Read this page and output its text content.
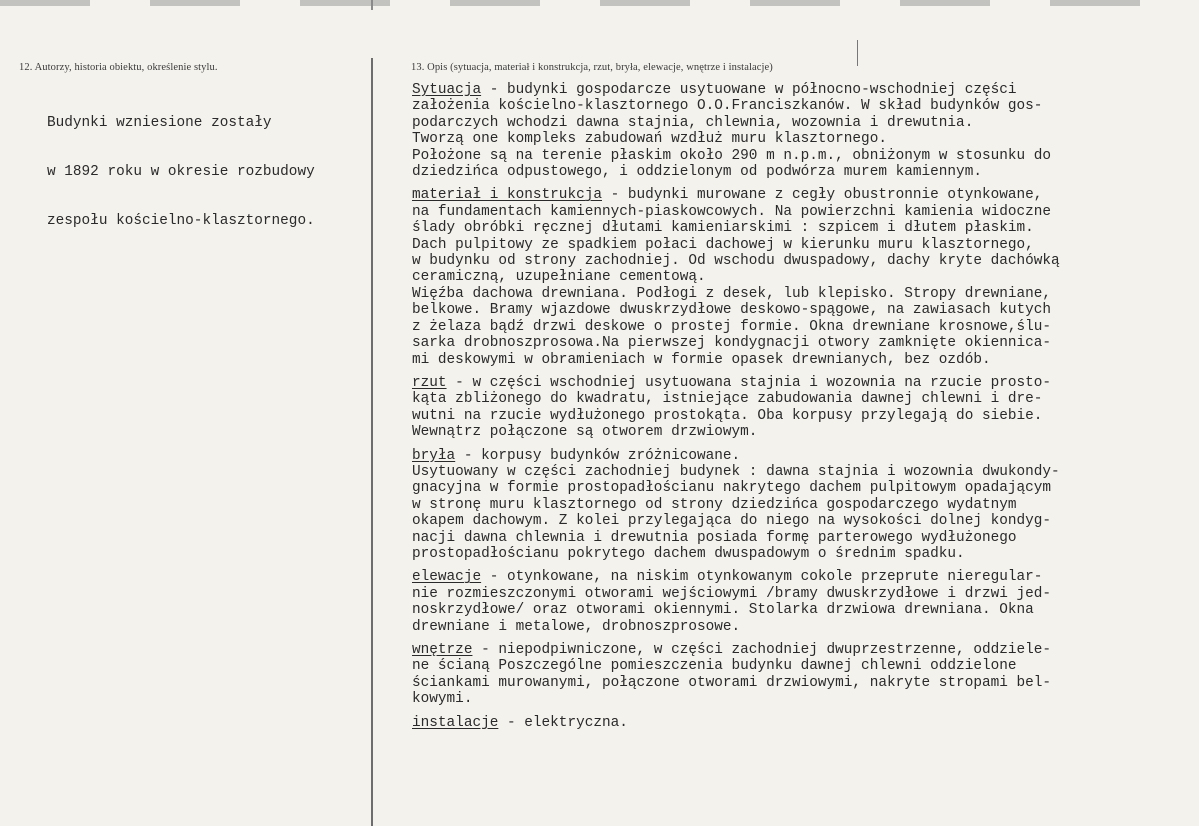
12. Autorzy, historia obiektu, określenie stylu.	13. Opis (sytuacja, materiał i konstrukcja, rzut, bryła, elewacje, wnętrze i instalacje)

Budynki wzniesione zostały

w 1892 roku w okresie rozbudowy

zespołu kościelno-klasztornego.

Sytuacja - budynki gospodarcze usytuowane w północno-wschodniej części
założenia kościelno-klasztornego O.O.Franciszkanów. W skład budynków gos-
podarczych wchodzi dawna stajnia, chlewnia, wozownia i drewutnia.
Tworzą one kompleks zabudowań wzdłuż muru klasztornego.
Położone są na terenie płaskim około 290 m n.p.m., obniżonym w stosunku do
dziedzińca odpustowego, i oddzielonym od podwórza murem kamiennym.
materiał i konstrukcja - budynki murowane z cegły obustronnie otynkowane,
na fundamentach kamiennych-piaskowcowych. Na powierzchni kamienia widoczne
ślady obróbki ręcznej dłutami kamieniarskimi : szpicem i dłutem płaskim.
Dach pulpitowy ze spadkiem połaci dachowej w kierunku muru klasztornego,
w budynku od strony zachodniej. Od wschodu dwuspadowy, dachy kryte dachówką
ceramiczną, uzupełniane cementową.
Więźba dachowa drewniana. Podłogi z desek, lub klepisko. Stropy drewniane,
belkowe. Bramy wjazdowe dwuskrzydłowe deskowo-spągowe, na zawiasach kutych
z żelaza bądź drzwi deskowe o prostej formie. Okna drewniane krosnowe,ślu-
sarka drobnoszprosowa.Na pierwszej kondygnacji otwory zamknięte okiennica-
mi deskowymi w obramieniach w formie opasek drewnianych, bez ozdób.
rzut - w części wschodniej usytuowana stajnia i wozownia na rzucie prosto-
kąta zbliżonego do kwadratu, istniejące zabudowania dawnej chlewni i dre-
wutni na rzucie wydłużonego prostokąta. Oba korpusy przylegają do siebie.
Wewnątrz połączone są otworem drzwiowym.
bryła - korpusy budynków zróżnicowane.
Usytuowany w części zachodniej budynek : dawna stajnia i wozownia dwukondy-
gnacyjna w formie prostopadłościanu nakrytego dachem pulpitowym opadającym
w stronę muru klasztornego od strony dziedzińca gospodarczego wydatnym
okapem dachowym. Z kolei przylegająca do niego na wysokości dolnej kondyg-
nacji dawna chlewnia i drewutnia posiada formę parterowego wydłużonego
prostopadłościanu pokrytego dachem dwuspadowym o średnim spadku.
elewacje - otynkowane, na niskim otynkowanym cokole przeprute nieregular-
nie rozmieszczonymi otworami wejściowymi /bramy dwuskrzydłowe i drzwi jed-
noskrzydłowe/ oraz otworami okiennymi. Stolarka drzwiowa drewniana. Okna
drewniane i metalowe, drobnoszprosowe.
wnętrze - niepodpiwniczone, w części zachodniej dwuprzestrzenne, oddziele-
ne ścianą Poszczególne pomieszczenia budynku dawnej chlewni oddzielone
ściankami murowanymi, połączone otworami drzwiowymi, nakryte stropami bel-
kowymi.
instalacje - elektryczna.
